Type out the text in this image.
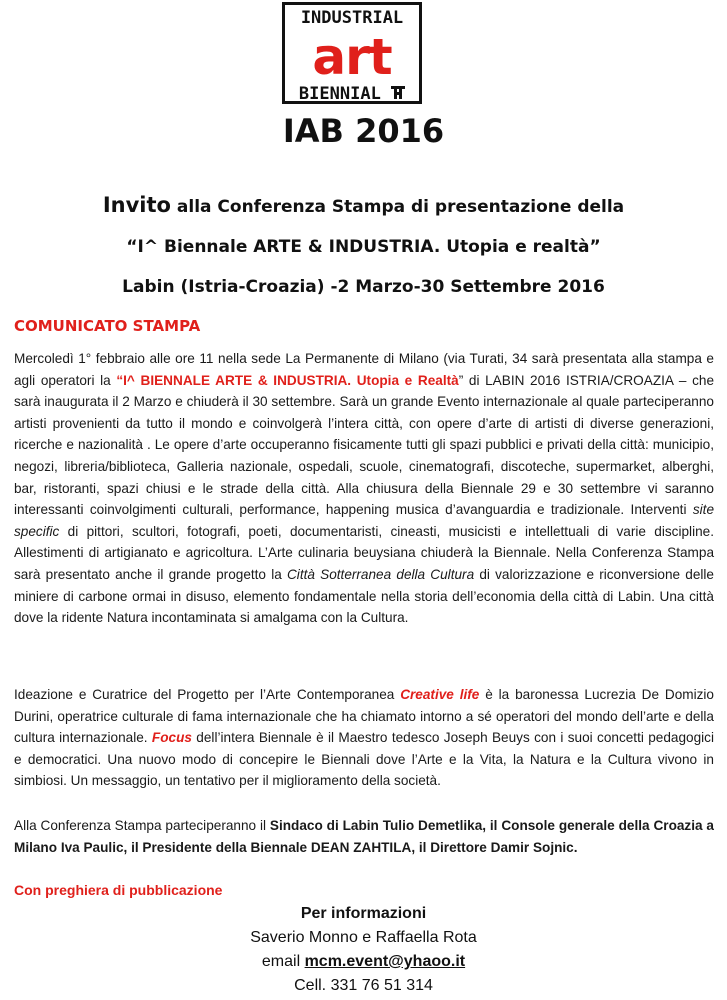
INDUSTRIAL
art
BIENNIAL
IAB 2016
Invito alla Conferenza Stampa di presentazione della
“I^ Biennale ARTE & INDUSTRIA. Utopia e realtà”
Labin (Istria-Croazia) -2 Marzo-30 Settembre 2016
COMUNICATO STAMPA
Mercoledì 1° febbraio alle ore 11 nella sede La Permanente di Milano (via Turati, 34 sarà presentata alla stampa e agli operatori la “I^ BIENNALE ARTE & INDUSTRIA. Utopia e Realtà” di LABIN 2016 ISTRIA/CROAZIA – che sarà inaugurata il 2 Marzo e chiuderà il 30 settembre. Sarà un grande Evento internazionale al quale parteciperanno artisti provenienti da tutto il mondo e coinvolgerà l’intera città, con opere d’arte di artisti di diverse generazioni, ricerche e nazionalità . Le opere d’arte occuperanno fisicamente tutti gli spazi pubblici e privati della città: municipio, negozi, libreria/biblioteca, Galleria nazionale, ospedali, scuole, cinematografi, discoteche, supermarket, alberghi, bar, ristoranti, spazi chiusi e le strade della città. Alla chiusura della Biennale 29 e 30 settembre vi saranno interessanti coinvolgimenti culturali, performance, happening musica d’avanguardia e tradizionale. Interventi site specific di pittori, scultori, fotografi, poeti, documentaristi, cineasti, musicisti e intellettuali di varie discipline. Allestimenti di artigianato e agricoltura. L’Arte culinaria beuysiana chiuderà la Biennale. Nella Conferenza Stampa sarà presentato anche il grande progetto la Città Sotterranea della Cultura di valorizzazione e riconversione delle miniere di carbone ormai in disuso, elemento fondamentale nella storia dell’economia della città di Labin. Una città dove la ridente Natura incontaminata si amalgama con la Cultura.
Ideazione e Curatrice del Progetto per l’Arte Contemporanea Creative life è la baronessa Lucrezia De Domizio Durini, operatrice culturale di fama internazionale che ha chiamato intorno a sé operatori del mondo dell’arte e della cultura internazionale. Focus dell’intera Biennale è il Maestro tedesco Joseph Beuys con i suoi concetti pedagogici e democratici. Una nuovo modo di concepire le Biennali dove l’Arte e la Vita, la Natura e la Cultura vivono in simbiosi. Un messaggio, un tentativo per il miglioramento della società.
Alla Conferenza Stampa parteciperanno il Sindaco di Labin Tulio Demetlika, il Console generale della Croazia a Milano Iva Paulic, il Presidente della Biennale DEAN ZAHTILA, il Direttore Damir Sojnic.
Con preghiera di pubblicazione
Per informazioni
Saverio Monno e Raffaella Rota
email mcm.event@yhaoo.it
Cell. 331 76 51 314
